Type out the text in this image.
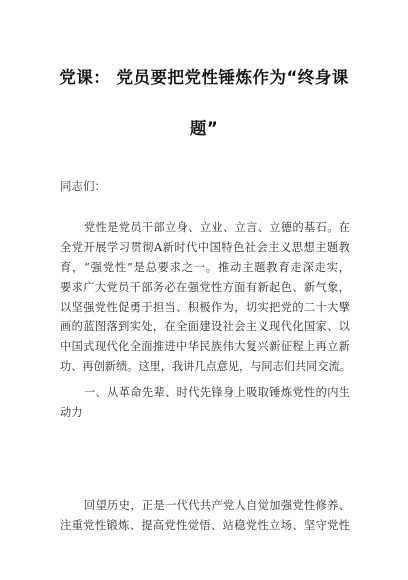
党课： 党员要把党性锤炼作为“终身课
题”

同志们：

党性是党员干部立身、立业、立言、立德的基石。在
全党开展学习贯彻A新时代中国特色社会主义思想主题教
育，“强党性”是总要求之一。推动主题教育走深走实，
要求广大党员干部务必在强党性方面有新起色、新气象，
以坚强党性促勇于担当、积极作为，切实把党的二十大擘
画的蓝图落到实处，在全面建设社会主义现代化国家、以
中国式现代化全面推进中华民族伟大复兴新征程上再立新
功、再创新绩。这里，我讲几点意见，与同志们共同交流。
一、从革命先辈、时代先锋身上吸取锤炼党性的内生
动力
回望历史，正是一代代共产党人自觉加强党性修养、
注重党性锻炼、提高党性觉悟、站稳党性立场、坚守党性
